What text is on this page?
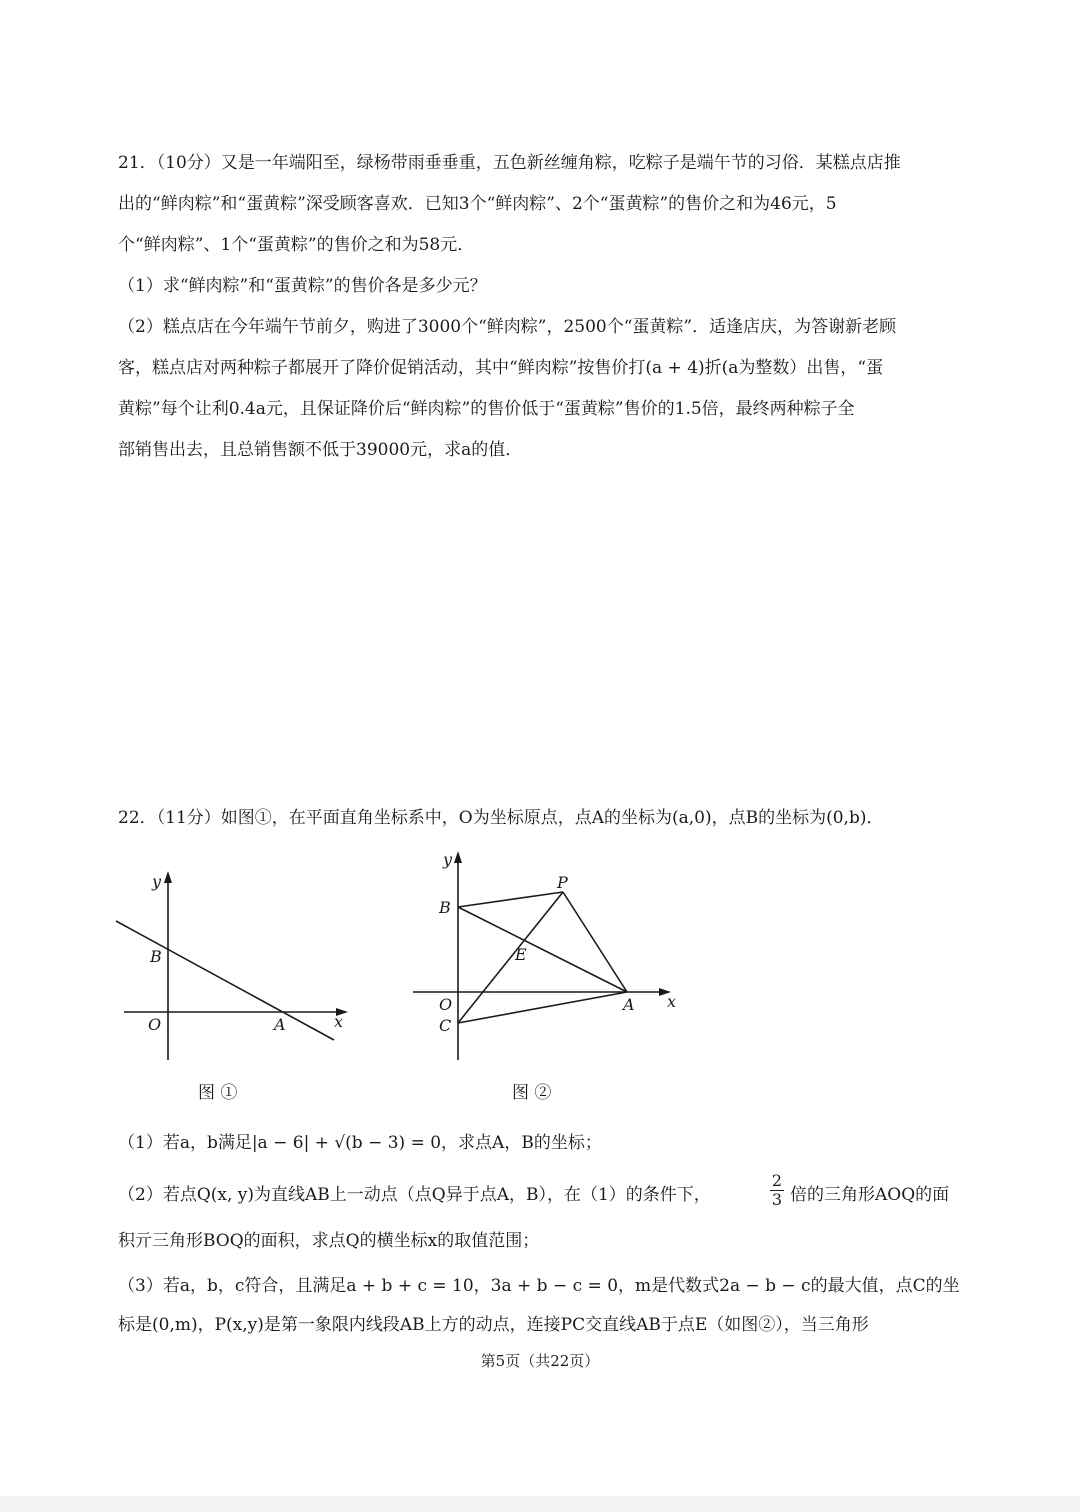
21．（10分）又是一年端阳至，绿杨带雨垂垂重，五色新丝缠角粽，吃粽子是端午节的习俗．某糕点店推
出的“鲜肉粽”和“蛋黄粽”深受顾客喜欢．已知3个“鲜肉粽”、2个“蛋黄粽”的售价之和为46元，5
个“鲜肉粽”、1个“蛋黄粽”的售价之和为58元．
（1）求“鲜肉粽”和“蛋黄粽”的售价各是多少元？
（2）糕点店在今年端午节前夕，购进了3000个“鲜肉粽”，2500个“蛋黄粽”．适逢店庆，为答谢新老顾
客，糕点店对两种粽子都展开了降价促销活动，其中“鲜肉粽”按售价打(a + 4)折(a为整数）出售，“蛋
黄粽”每个让利0.4a元，且保证降价后“鲜肉粽”的售价低于“蛋黄粽”售价的1.5倍，最终两种粽子全
部销售出去，且总销售额不低于39000元，求a的值．
22．（11分）如图①，在平面直角坐标系中，O为坐标原点，点A的坐标为(a,0)，点B的坐标为(0,b)．
y
x
B
O	A
图 ①
y
x
B
P
E
O	A
C
图 ②
（1）若a，b满足|a − 6| + √(b − 3) = 0，求点A，B的坐标；
（2）若点Q(x, y)为直线AB上一动点（点Q异于点A，B），在（1）的条件下，	$\frac{2}{3}$ 倍的三角形AOQ的面
积亓三角形BOQ的面积，求点Q的横坐标x的取值范围；
（3）若a，b，c符合，且满足a + b + c = 10，3a + b − c = 0，m是代数式2a − b − c的最大值，点C的坐
标是(0,m)，P(x,y)是第一象限内线段AB上方的动点，连接PC交直线AB于点E（如图②），当三角形
第5页（共22页）
